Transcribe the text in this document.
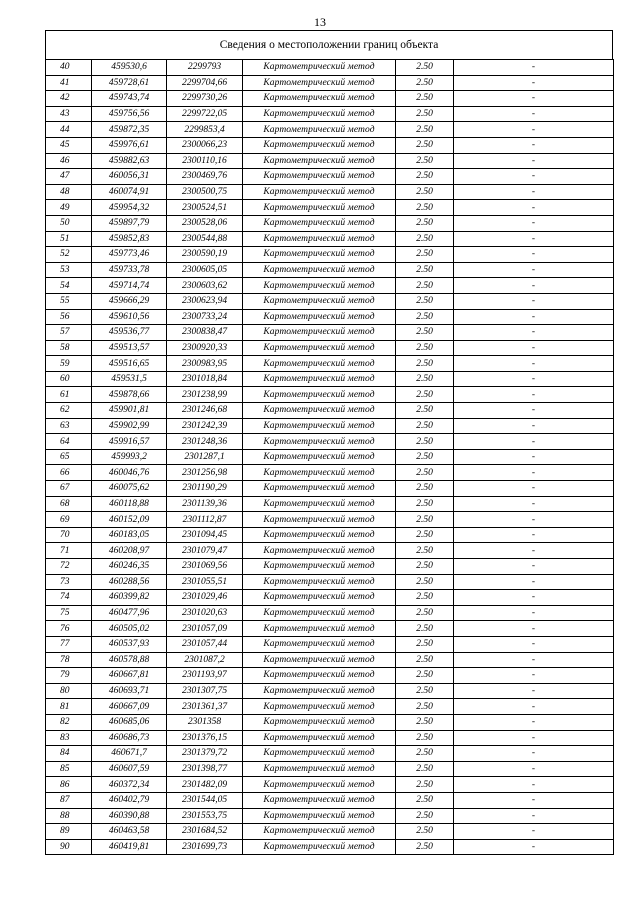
13
Сведения о местоположении границ объекта
40	459530,6	2299793	Картометрический метод	2.50	-
41	459728,61	2299704,66	Картометрический метод	2.50	-
42	459743,74	2299730,26	Картометрический метод	2.50	-
43	459756,56	2299722,05	Картометрический метод	2.50	-
44	459872,35	2299853,4	Картометрический метод	2.50	-
45	459976,61	2300066,23	Картометрический метод	2.50	-
46	459882,63	2300110,16	Картометрический метод	2.50	-
47	460056,31	2300469,76	Картометрический метод	2.50	-
48	460074,91	2300500,75	Картометрический метод	2.50	-
49	459954,32	2300524,51	Картометрический метод	2.50	-
50	459897,79	2300528,06	Картометрический метод	2.50	-
51	459852,83	2300544,88	Картометрический метод	2.50	-
52	459773,46	2300590,19	Картометрический метод	2.50	-
53	459733,78	2300605,05	Картометрический метод	2.50	-
54	459714,74	2300603,62	Картометрический метод	2.50	-
55	459666,29	2300623,94	Картометрический метод	2.50	-
56	459610,56	2300733,24	Картометрический метод	2.50	-
57	459536,77	2300838,47	Картометрический метод	2.50	-
58	459513,57	2300920,33	Картометрический метод	2.50	-
59	459516,65	2300983,95	Картометрический метод	2.50	-
60	459531,5	2301018,84	Картометрический метод	2.50	-
61	459878,66	2301238,99	Картометрический метод	2.50	-
62	459901,81	2301246,68	Картометрический метод	2.50	-
63	459902,99	2301242,39	Картометрический метод	2.50	-
64	459916,57	2301248,36	Картометрический метод	2.50	-
65	459993,2	2301287,1	Картометрический метод	2.50	-
66	460046,76	2301256,98	Картометрический метод	2.50	-
67	460075,62	2301190,29	Картометрический метод	2.50	-
68	460118,88	2301139,36	Картометрический метод	2.50	-
69	460152,09	2301112,87	Картометрический метод	2.50	-
70	460183,05	2301094,45	Картометрический метод	2.50	-
71	460208,97	2301079,47	Картометрический метод	2.50	-
72	460246,35	2301069,56	Картометрический метод	2.50	-
73	460288,56	2301055,51	Картометрический метод	2.50	-
74	460399,82	2301029,46	Картометрический метод	2.50	-
75	460477,96	2301020,63	Картометрический метод	2.50	-
76	460505,02	2301057,09	Картометрический метод	2.50	-
77	460537,93	2301057,44	Картометрический метод	2.50	-
78	460578,88	2301087,2	Картометрический метод	2.50	-
79	460667,81	2301193,97	Картометрический метод	2.50	-
80	460693,71	2301307,75	Картометрический метод	2.50	-
81	460667,09	2301361,37	Картометрический метод	2.50	-
82	460685,06	2301358	Картометрический метод	2.50	-
83	460686,73	2301376,15	Картометрический метод	2.50	-
84	460671,7	2301379,72	Картометрический метод	2.50	-
85	460607,59	2301398,77	Картометрический метод	2.50	-
86	460372,34	2301482,09	Картометрический метод	2.50	-
87	460402,79	2301544,05	Картометрический метод	2.50	-
88	460390,88	2301553,75	Картометрический метод	2.50	-
89	460463,58	2301684,52	Картометрический метод	2.50	-
90	460419,81	2301699,73	Картометрический метод	2.50	-
